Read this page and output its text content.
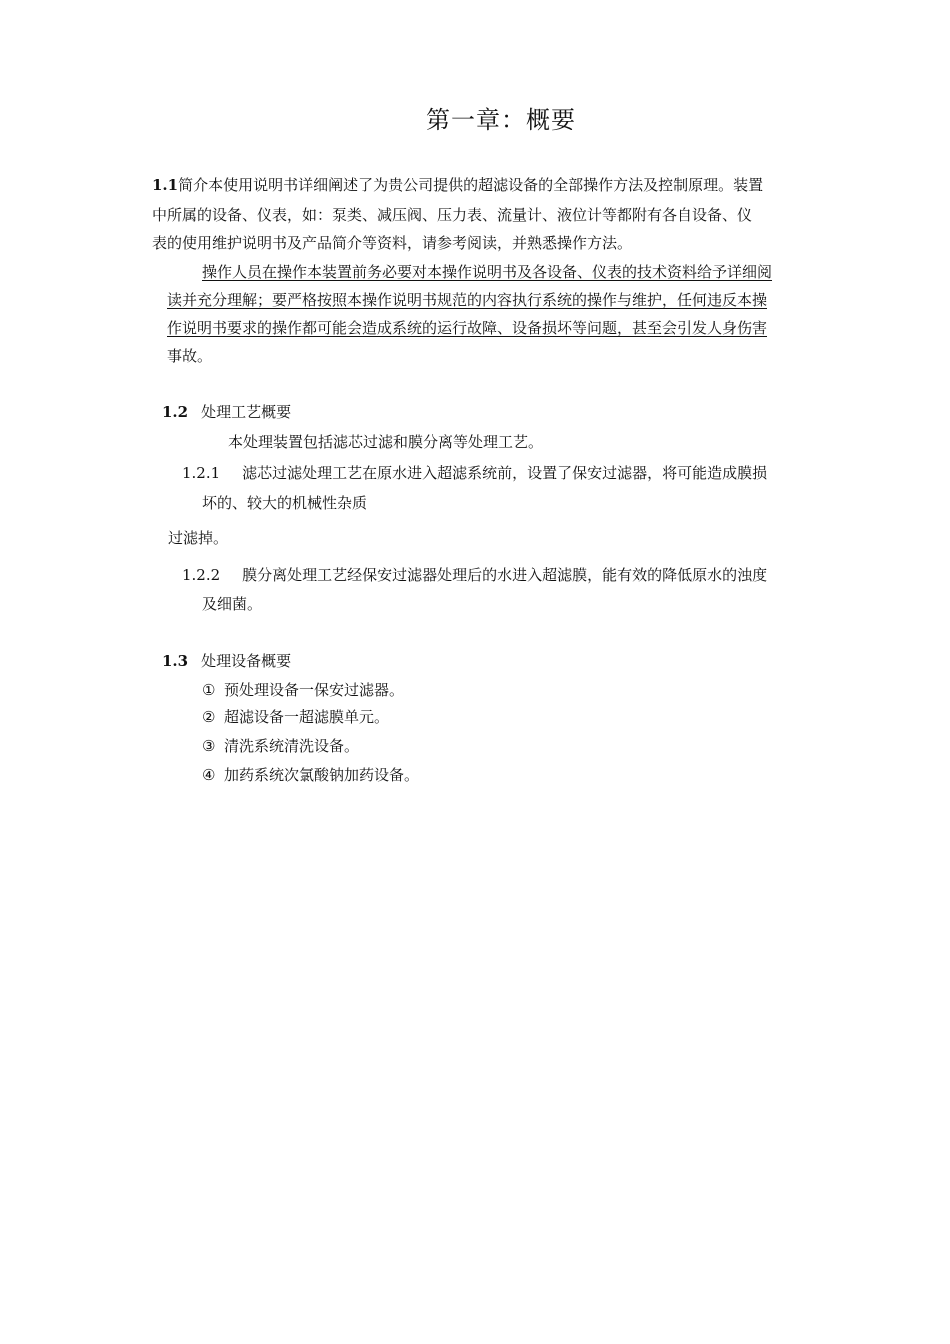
第一章：概要
1.1简介本使用说明书详细阐述了为贵公司提供的超滤设备的全部操作方法及控制原理。装置
中所属的设备、仪表，如：泵类、减压阀、压力表、流量计、液位计等都附有各自设备、仪
表的使用维护说明书及产品简介等资料，请参考阅读，并熟悉操作方法。
操作人员在操作本装置前务必要对本操作说明书及各设备、仪表的技术资料给予详细阅
读并充分理解；要严格按照本操作说明书规范的内容执行系统的操作与维护，任何违反本操
作说明书要求的操作都可能会造成系统的运行故障、设备损坏等问题，甚至会引发人身伤害
事故。
1.2 处理工艺概要
本处理装置包括滤芯过滤和膜分离等处理工艺。
1.2.1 滤芯过滤处理工艺在原水进入超滤系统前，设置了保安过滤器，将可能造成膜损
坏的、较大的机械性杂质
过滤掉。
1.2.2 膜分离处理工艺经保安过滤器处理后的水进入超滤膜，能有效的降低原水的浊度
及细菌。
1.3 处理设备概要
① 预处理设备一保安过滤器。
② 超滤设备一超滤膜单元。
③ 清洗系统清洗设备。
④ 加药系统次氯酸钠加药设备。
